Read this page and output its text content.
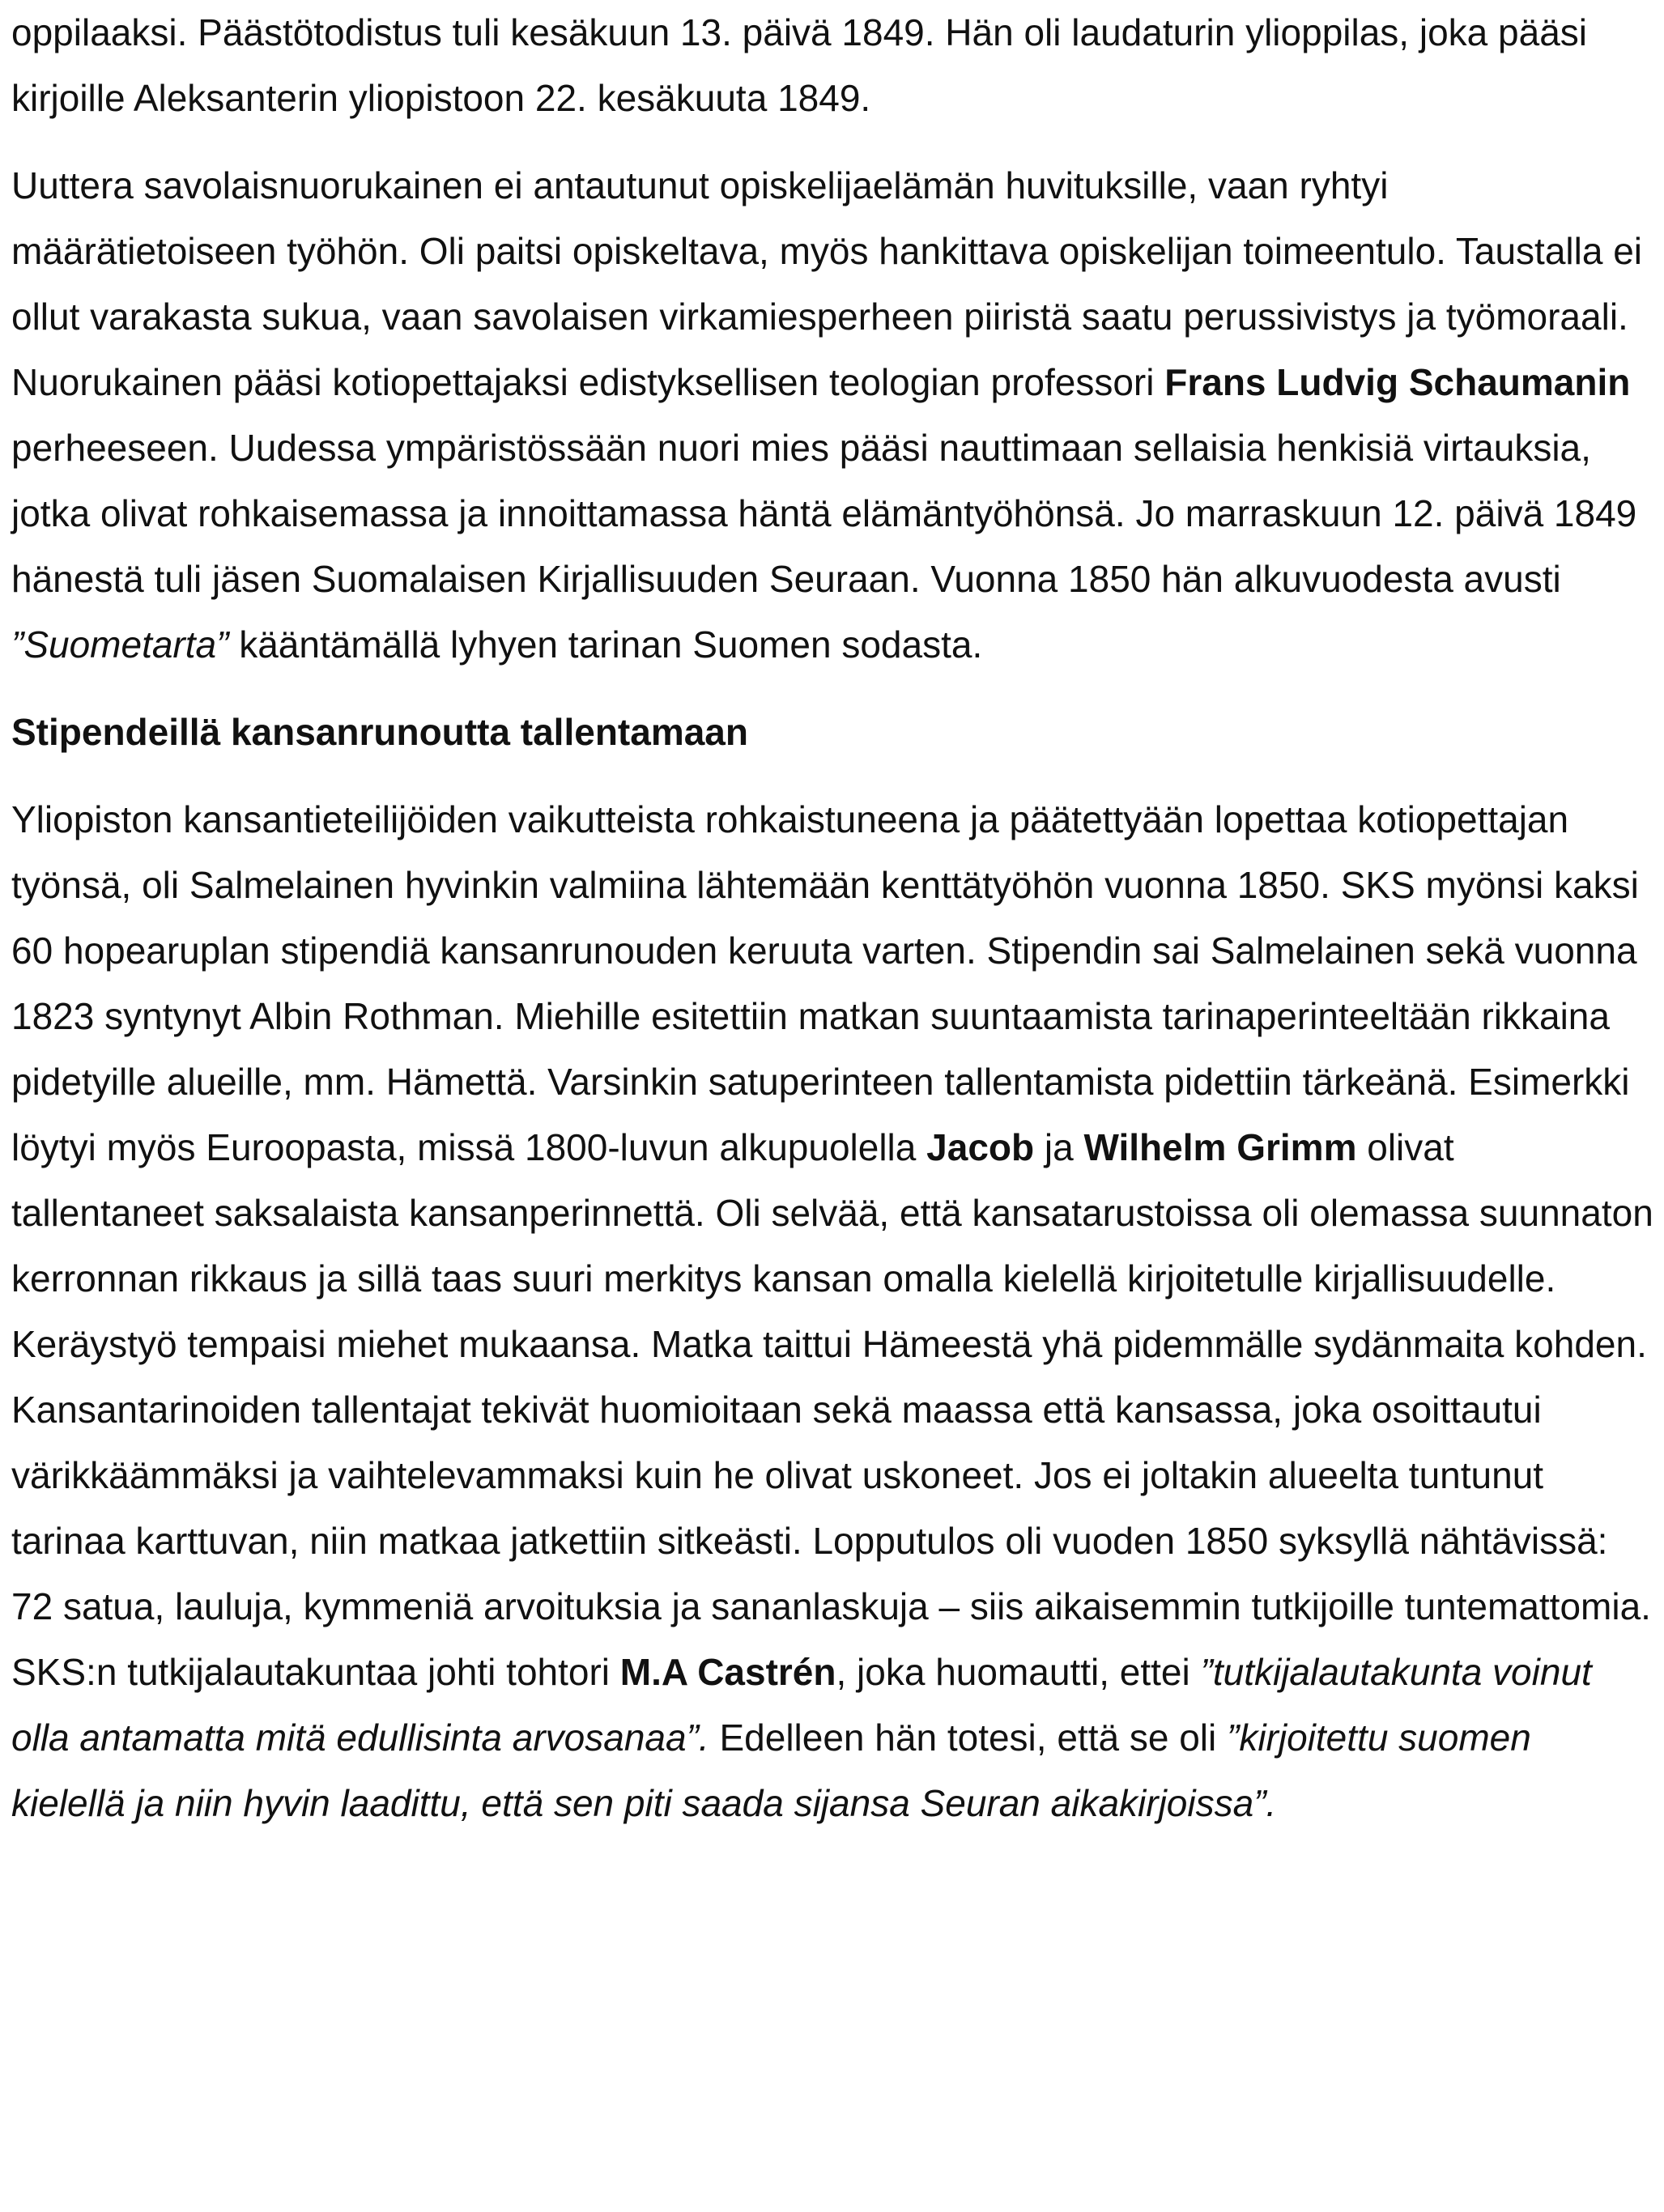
oppilaaksi. Päästötodistus tuli kesäkuun 13. päivä 1849. Hän oli laudaturin ylioppilas, joka pääsi kirjoille Aleksanterin yliopistoon 22. kesäkuuta 1849.

Uuttera savolaisnuorukainen ei antautunut opiskelijaelämän huvituksille, vaan ryhtyi määrätietoiseen työhön. Oli paitsi opiskeltava, myös hankittava opiskelijan toimeentulo. Taustalla ei ollut varakasta sukua, vaan savolaisen virkamiesperheen piiristä saatu perussivistys ja työmoraali. Nuorukainen pääsi kotiopettajaksi edistyksellisen teologian professori Frans Ludvig Schaumanin perheeseen. Uudessa ympäristössään nuori mies pääsi nauttimaan sellaisia henkisiä virtauksia, jotka olivat rohkaisemassa ja innoittamassa häntä elämäntyöhönsä. Jo marraskuun 12. päivä 1849 hänestä tuli jäsen Suomalaisen Kirjallisuuden Seuraan. Vuonna 1850 hän alkuvuodesta avusti ”Suometarta” kääntämällä lyhyen tarinan Suomen sodasta.

Stipendeillä kansanrunoutta tallentamaan

Yliopiston kansantieteilijöiden vaikutteista rohkaistuneena ja päätettyään lopettaa kotiopettajan työnsä, oli Salmelainen hyvinkin valmiina lähtemään kenttätyöhön vuonna 1850. SKS myönsi kaksi 60 hopearuplan stipendiä kansanrunouden keruuta varten. Stipendin sai Salmelainen sekä vuonna 1823 syntynyt Albin Rothman. Miehille esitettiin matkan suuntaamista tarinaperinteeltään rikkaina pidetyille alueille, mm. Hämettä. Varsinkin satuperinteen tallentamista pidettiin tärkeänä. Esimerkki löytyi myös Euroopasta, missä 1800-luvun alkupuolella Jacob ja Wilhelm Grimm olivat tallentaneet saksalaista kansanperinnettä. Oli selvää, että kansatarustoissa oli olemassa suunnaton kerronnan rikkaus ja sillä taas suuri merkitys kansan omalla kielellä kirjoitetulle kirjallisuudelle. Keräystyö tempaisi miehet mukaansa. Matka taittui Hämeestä yhä pidemmälle sydänmaita kohden. Kansantarinoiden tallentajat tekivät huomioitaan sekä maassa että kansassa, joka osoittautui värikkäämmäksi ja vaihtelevammaksi kuin he olivat uskoneet. Jos ei joltakin alueelta tuntunut tarinaa karttuvan, niin matkaa jatkettiin sitkeästi. Lopputulos oli vuoden 1850 syksyllä nähtävissä: 72 satua, lauluja, kymmeniä arvoituksia ja sananlaskuja – siis aikaisemmin tutkijoille tuntemattomia. SKS:n tutkijalautakuntaa johti tohtori M.A Castrén, joka huomautti, ettei ”tutkijalautakunta voinut olla antamatta mitä edullisinta arvosanaa”. Edelleen hän totesi, että se oli ”kirjoitettu suomen kielellä ja niin hyvin laadittu, että sen piti saada sijansa Seuran aikakirjoissa”.
